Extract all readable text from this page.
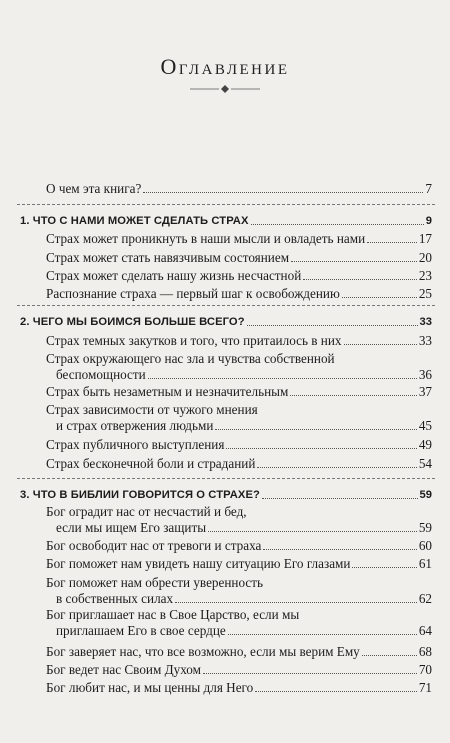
Оглавление
О чем эта книга?	7
1. ЧТО С НАМИ МОЖЕТ СДЕЛАТЬ СТРАХ	9
Страх может проникнуть в наши мысли и овладеть нами	17
Страх может стать навязчивым состоянием	20
Страх может сделать нашу жизнь несчастной	23
Распознание страха — первый шаг к освобождению	25
2. ЧЕГО МЫ БОИМСЯ БОЛЬШЕ ВСЕГО?	33
Страх темных закутков и того, что притаилось в них	33
Страх окружающего нас зла и чувства собственной
беспомощности	36
Страх быть незаметным и незначительным	37
Страх зависимости от чужого мнения
и страх отвержения людьми	45
Страх публичного выступления	49
Страх бесконечной боли и страданий	54
3. ЧТО В БИБЛИИ ГОВОРИТСЯ О СТРАХЕ?	59
Бог оградит нас от несчастий и бед,
если мы ищем Его защиты	59
Бог освободит нас от тревоги и страха	60
Бог поможет нам увидеть нашу ситуацию Его глазами	61
Бог поможет нам обрести уверенность
в собственных силах	62
Бог приглашает нас в Свое Царство, если мы
приглашаем Его в свое сердце	64
Бог заверяет нас, что все возможно, если мы верим Ему	68
Бог ведет нас Своим Духом	70
Бог любит нас, и мы ценны для Него	71
